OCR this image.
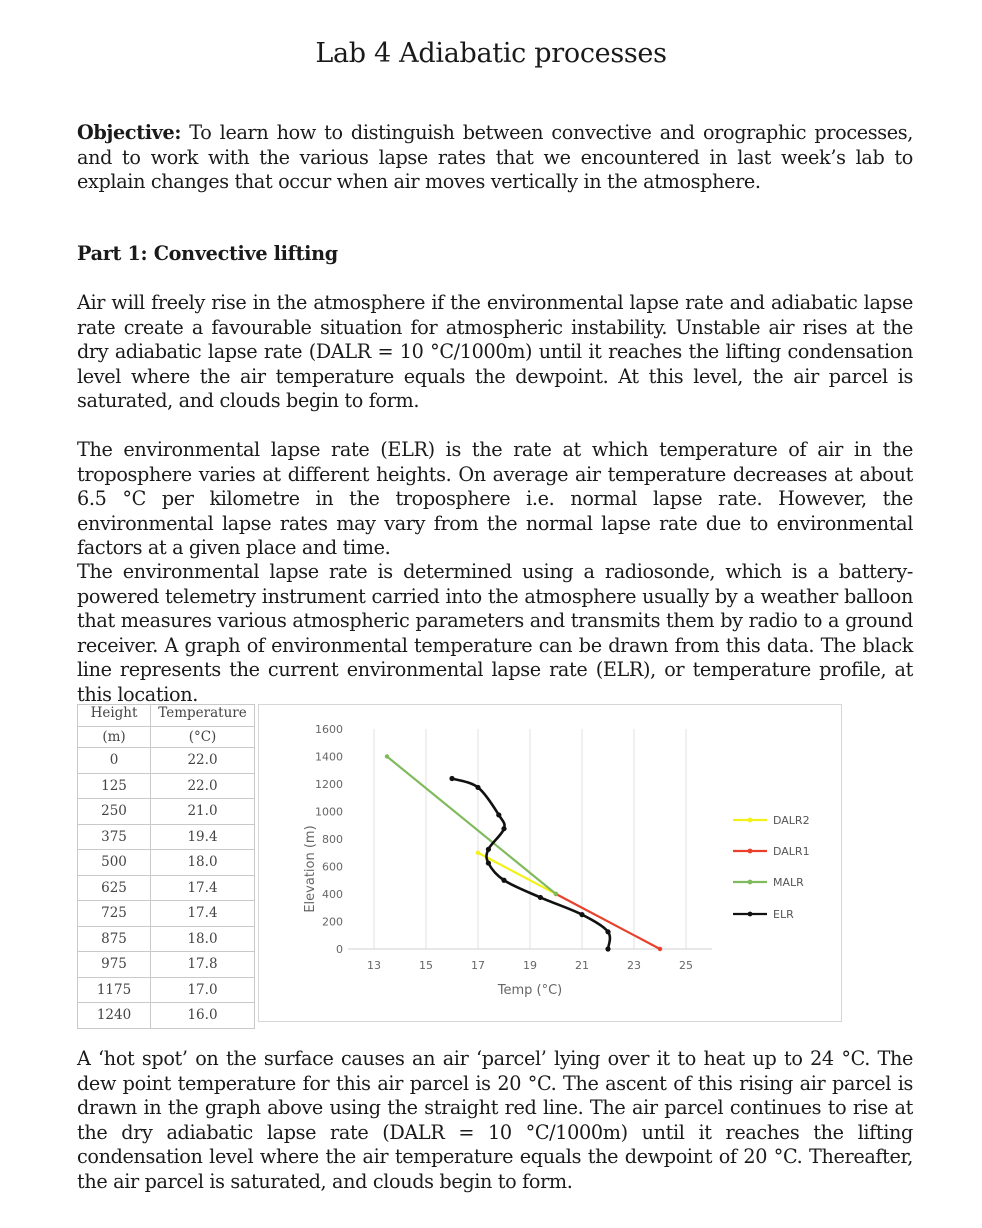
Lab 4 Adiabatic processes
Objective: To learn how to distinguish between convective and orographic processes, and to work with the various lapse rates that we encountered in last week’s lab to explain changes that occur when air moves vertically in the atmosphere.
Part 1: Convective lifting
Air will freely rise in the atmosphere if the environmental lapse rate and adiabatic lapse rate create a favourable situation for atmospheric instability. Unstable air rises at the dry adiabatic lapse rate (DALR = 10 °C/1000m) until it reaches the lifting condensation level where the air temperature equals the dewpoint. At this level, the air parcel is saturated, and clouds begin to form.
The environmental lapse rate (ELR) is the rate at which temperature of air in the troposphere varies at different heights. On average air temperature decreases at about 6.5 °C per kilometre in the troposphere i.e. normal lapse rate. However, the environmental lapse rates may vary from the normal lapse rate due to environmental factors at a given place and time.
The environmental lapse rate is determined using a radiosonde, which is a battery-powered telemetry instrument carried into the atmosphere usually by a weather balloon that measures various atmospheric parameters and transmits them by radio to a ground receiver. A graph of environmental temperature can be drawn from this data. The black line represents the current environmental lapse rate (ELR), or temperature profile, at this location.
Height	Temperature
(m)	(°C)
0	22.0
125	22.0
250	21.0
375	19.4
500	18.0
625	17.4
725	17.4
875	18.0
975	17.8
1175	17.0
1240	16.0
13	15	17	19	21	23	25
0
200
400
600
800
1000
1200
1400
1600
Temp (°C)
Elevation (m)
DALR2
DALR1
MALR
ELR
A ‘hot spot’ on the surface causes an air ‘parcel’ lying over it to heat up to 24 °C. The dew point temperature for this air parcel is 20 °C. The ascent of this rising air parcel is drawn in the graph above using the straight red line. The air parcel continues to rise at the dry adiabatic lapse rate (DALR = 10 °C/1000m) until it reaches the lifting condensation level where the air temperature equals the dewpoint of 20 °C. Thereafter, the air parcel is saturated, and clouds begin to form.
